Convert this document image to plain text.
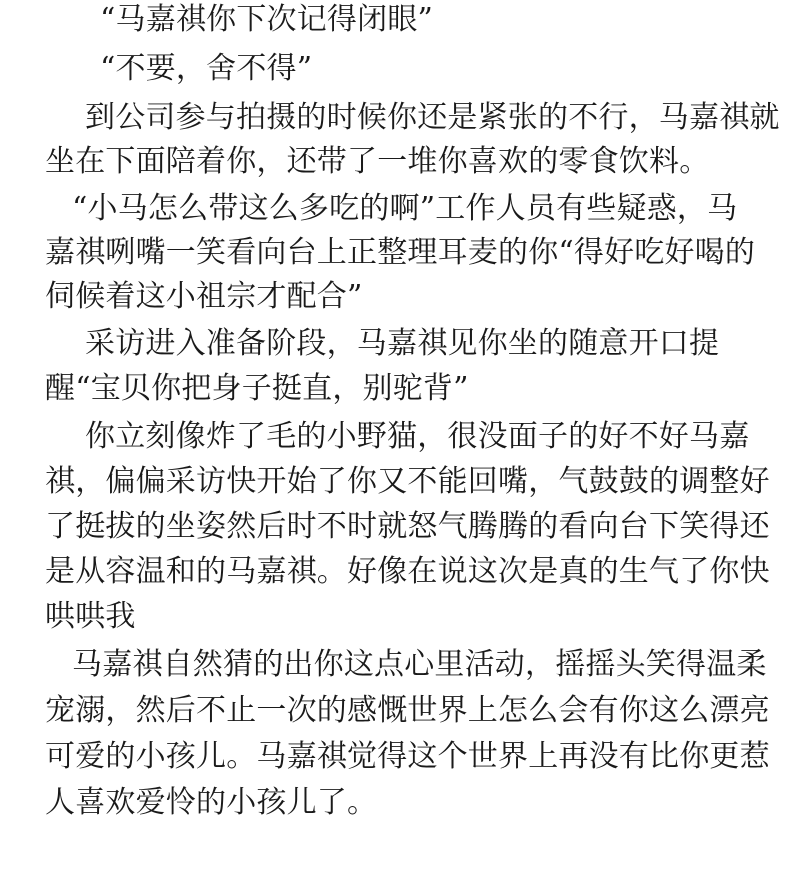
“马嘉祺你下次记得闭眼”
“不要，舍不得”
到公司参与拍摄的时候你还是紧张的不行，马嘉祺就
坐在下面陪着你，还带了一堆你喜欢的零食饮料。
“小马怎么带这么多吃的啊”工作人员有些疑惑，马
嘉祺咧嘴一笑看向台上正整理耳麦的你“得好吃好喝的
伺候着这小祖宗才配合”
采访进入准备阶段，马嘉祺见你坐的随意开口提
醒“宝贝你把身子挺直，别驼背”
你立刻像炸了毛的小野猫，很没面子的好不好马嘉
祺，偏偏采访快开始了你又不能回嘴，气鼓鼓的调整好
了挺拔的坐姿然后时不时就怒气腾腾的看向台下笑得还
是从容温和的马嘉祺。好像在说这次是真的生气了你快
哄哄我
马嘉祺自然猜的出你这点心里活动，摇摇头笑得温柔
宠溺，然后不止一次的感慨世界上怎么会有你这么漂亮
可爱的小孩儿。马嘉祺觉得这个世界上再没有比你更惹
人喜欢爱怜的小孩儿了。
